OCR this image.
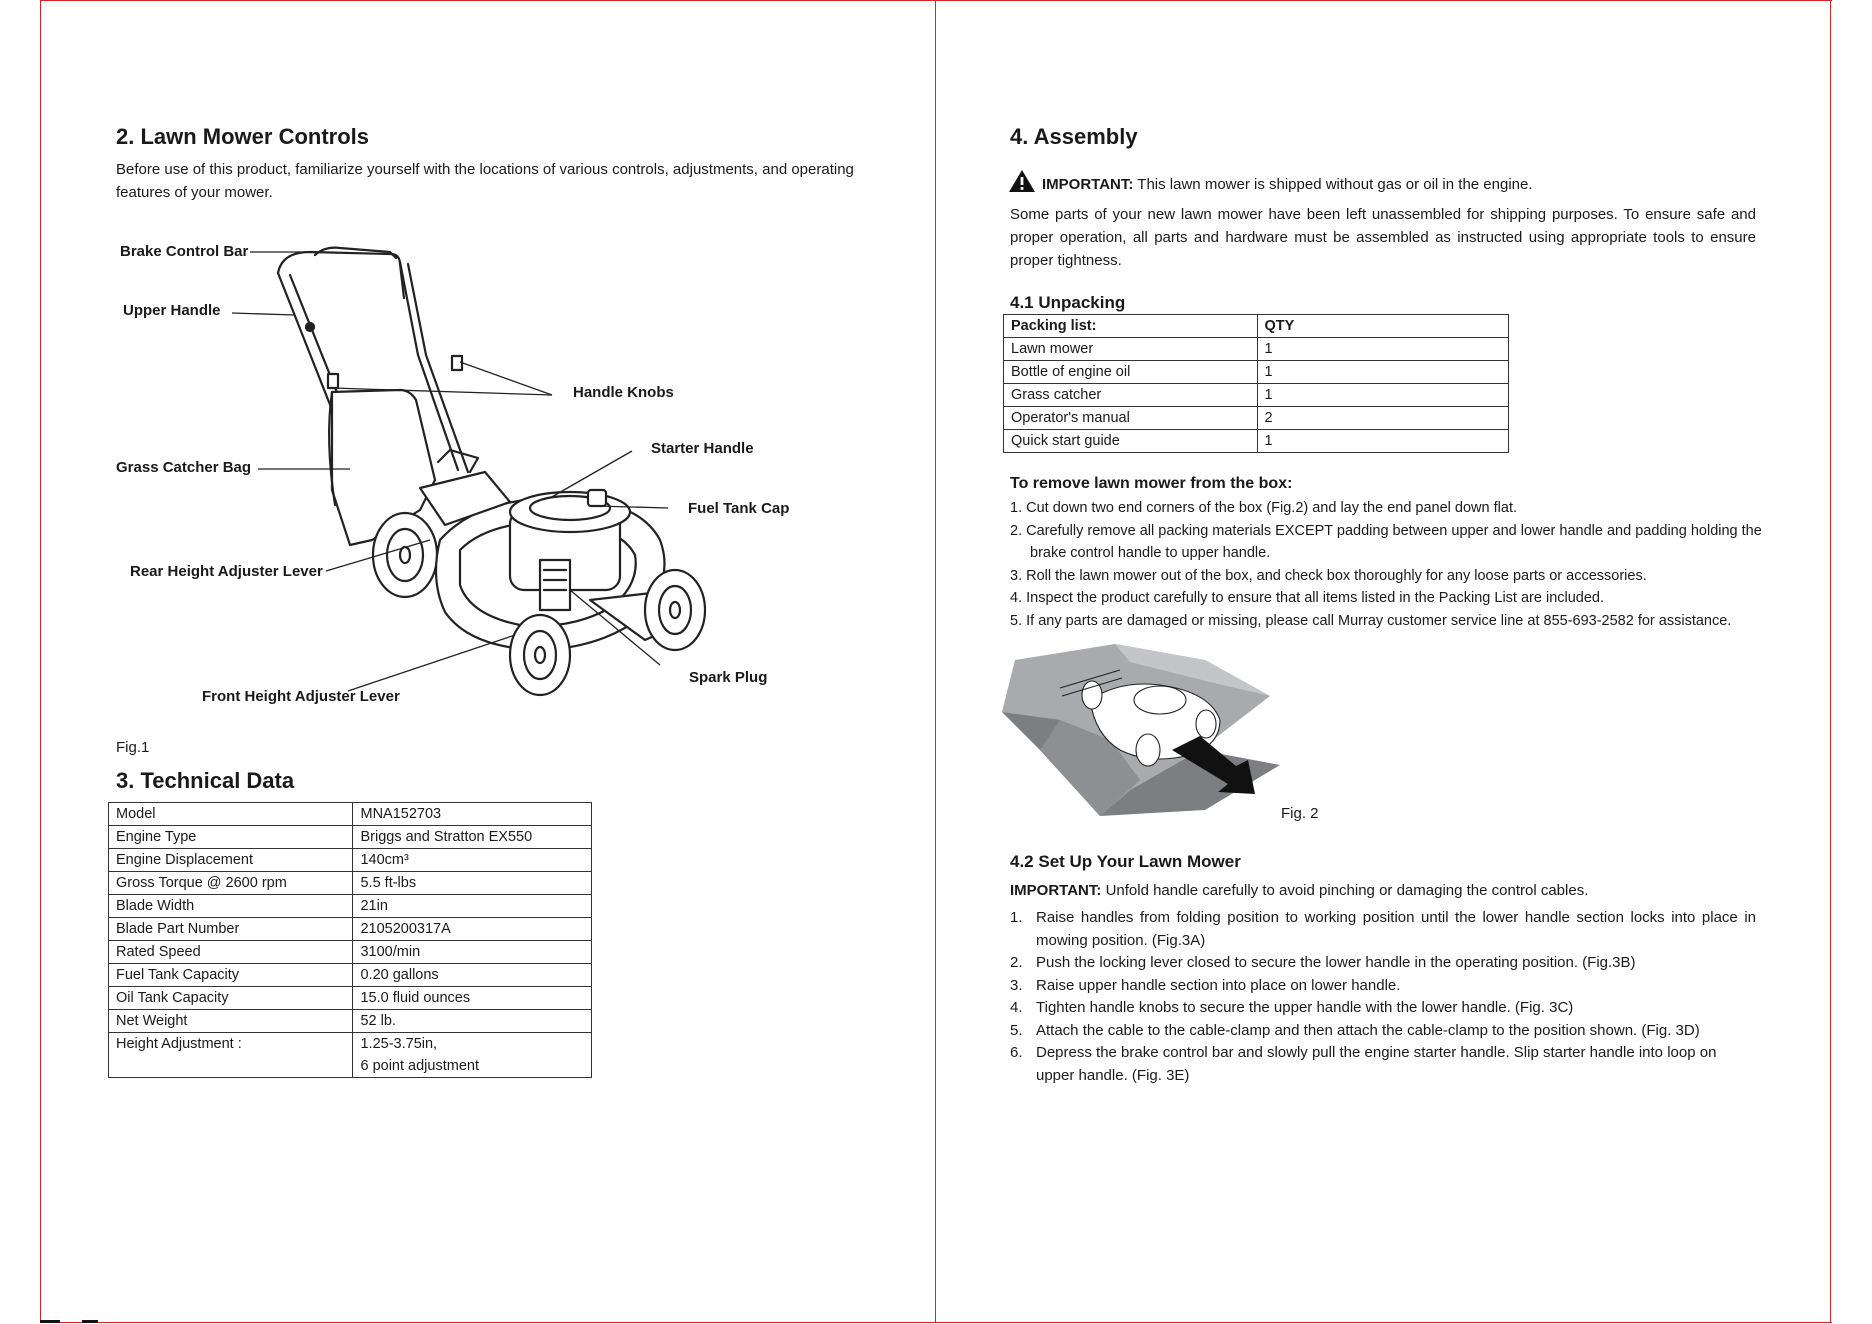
2. Lawn Mower Controls

Before use of this product, familiarize yourself with the locations of various controls, adjustments, and operating features of your mower.

Brake Control Bar
Upper Handle
Handle Knobs
Starter Handle
Grass Catcher Bag
Fuel Tank Cap
Rear Height Adjuster Lever
Spark Plug
Front Height Adjuster Lever

Fig.1

3. Technical Data
Model	MNA152703
Engine Type	Briggs and Stratton EX550
Engine Displacement	140cm³
Gross Torque @ 2600 rpm	5.5 ft-lbs
Blade Width	21in
Blade Part Number	2105200317A
Rated Speed	3100/min
Fuel Tank Capacity	0.20 gallons
Oil Tank Capacity	15.0 fluid ounces
Net Weight	52 lb.
Height Adjustment :	1.25-3.75in,
6 point adjustment
4. Assembly
IMPORTANT: This lawn mower is shipped without gas or oil in the engine.

Some parts of your new lawn mower have been left unassembled for shipping purposes. To ensure safe and proper operation, all parts and hardware must be assembled as instructed using appropriate tools to ensure proper tightness.

4.1 Unpacking
Packing list:	QTY
Lawn mower	1
Bottle of engine oil	1
Grass catcher	1
Operator's manual	2
Quick start guide	1
To remove lawn mower from the box:

1. Cut down two end corners of the box (Fig.2) and lay the end panel down flat.

2. Carefully remove all packing materials EXCEPT padding between upper and lower handle and padding holding the brake control handle to upper handle.

3. Roll the lawn mower out of the box, and check box thoroughly for any loose parts or accessories.

4. Inspect the product carefully to ensure that all items listed in the Packing List are included.

5. If any parts are damaged or missing, please call Murray customer service line at 855-693-2582 for assistance.

Fig. 2

4.2 Set Up Your Lawn Mower
IMPORTANT: Unfold handle carefully to avoid pinching or damaging the control cables.
1. Raise handles from folding position to working position until the lower handle section locks into place in mowing position. (Fig.3A)
2. Push the locking lever closed to secure the lower handle in the operating position. (Fig.3B)
3. Raise upper handle section into place on lower handle.
4. Tighten handle knobs to secure the upper handle with the lower handle. (Fig. 3C)
5. Attach the cable to the cable-clamp and then attach the cable-clamp to the position shown. (Fig. 3D)
6. Depress the brake control bar and slowly pull the engine starter handle. Slip starter handle into loop on upper handle. (Fig. 3E)
